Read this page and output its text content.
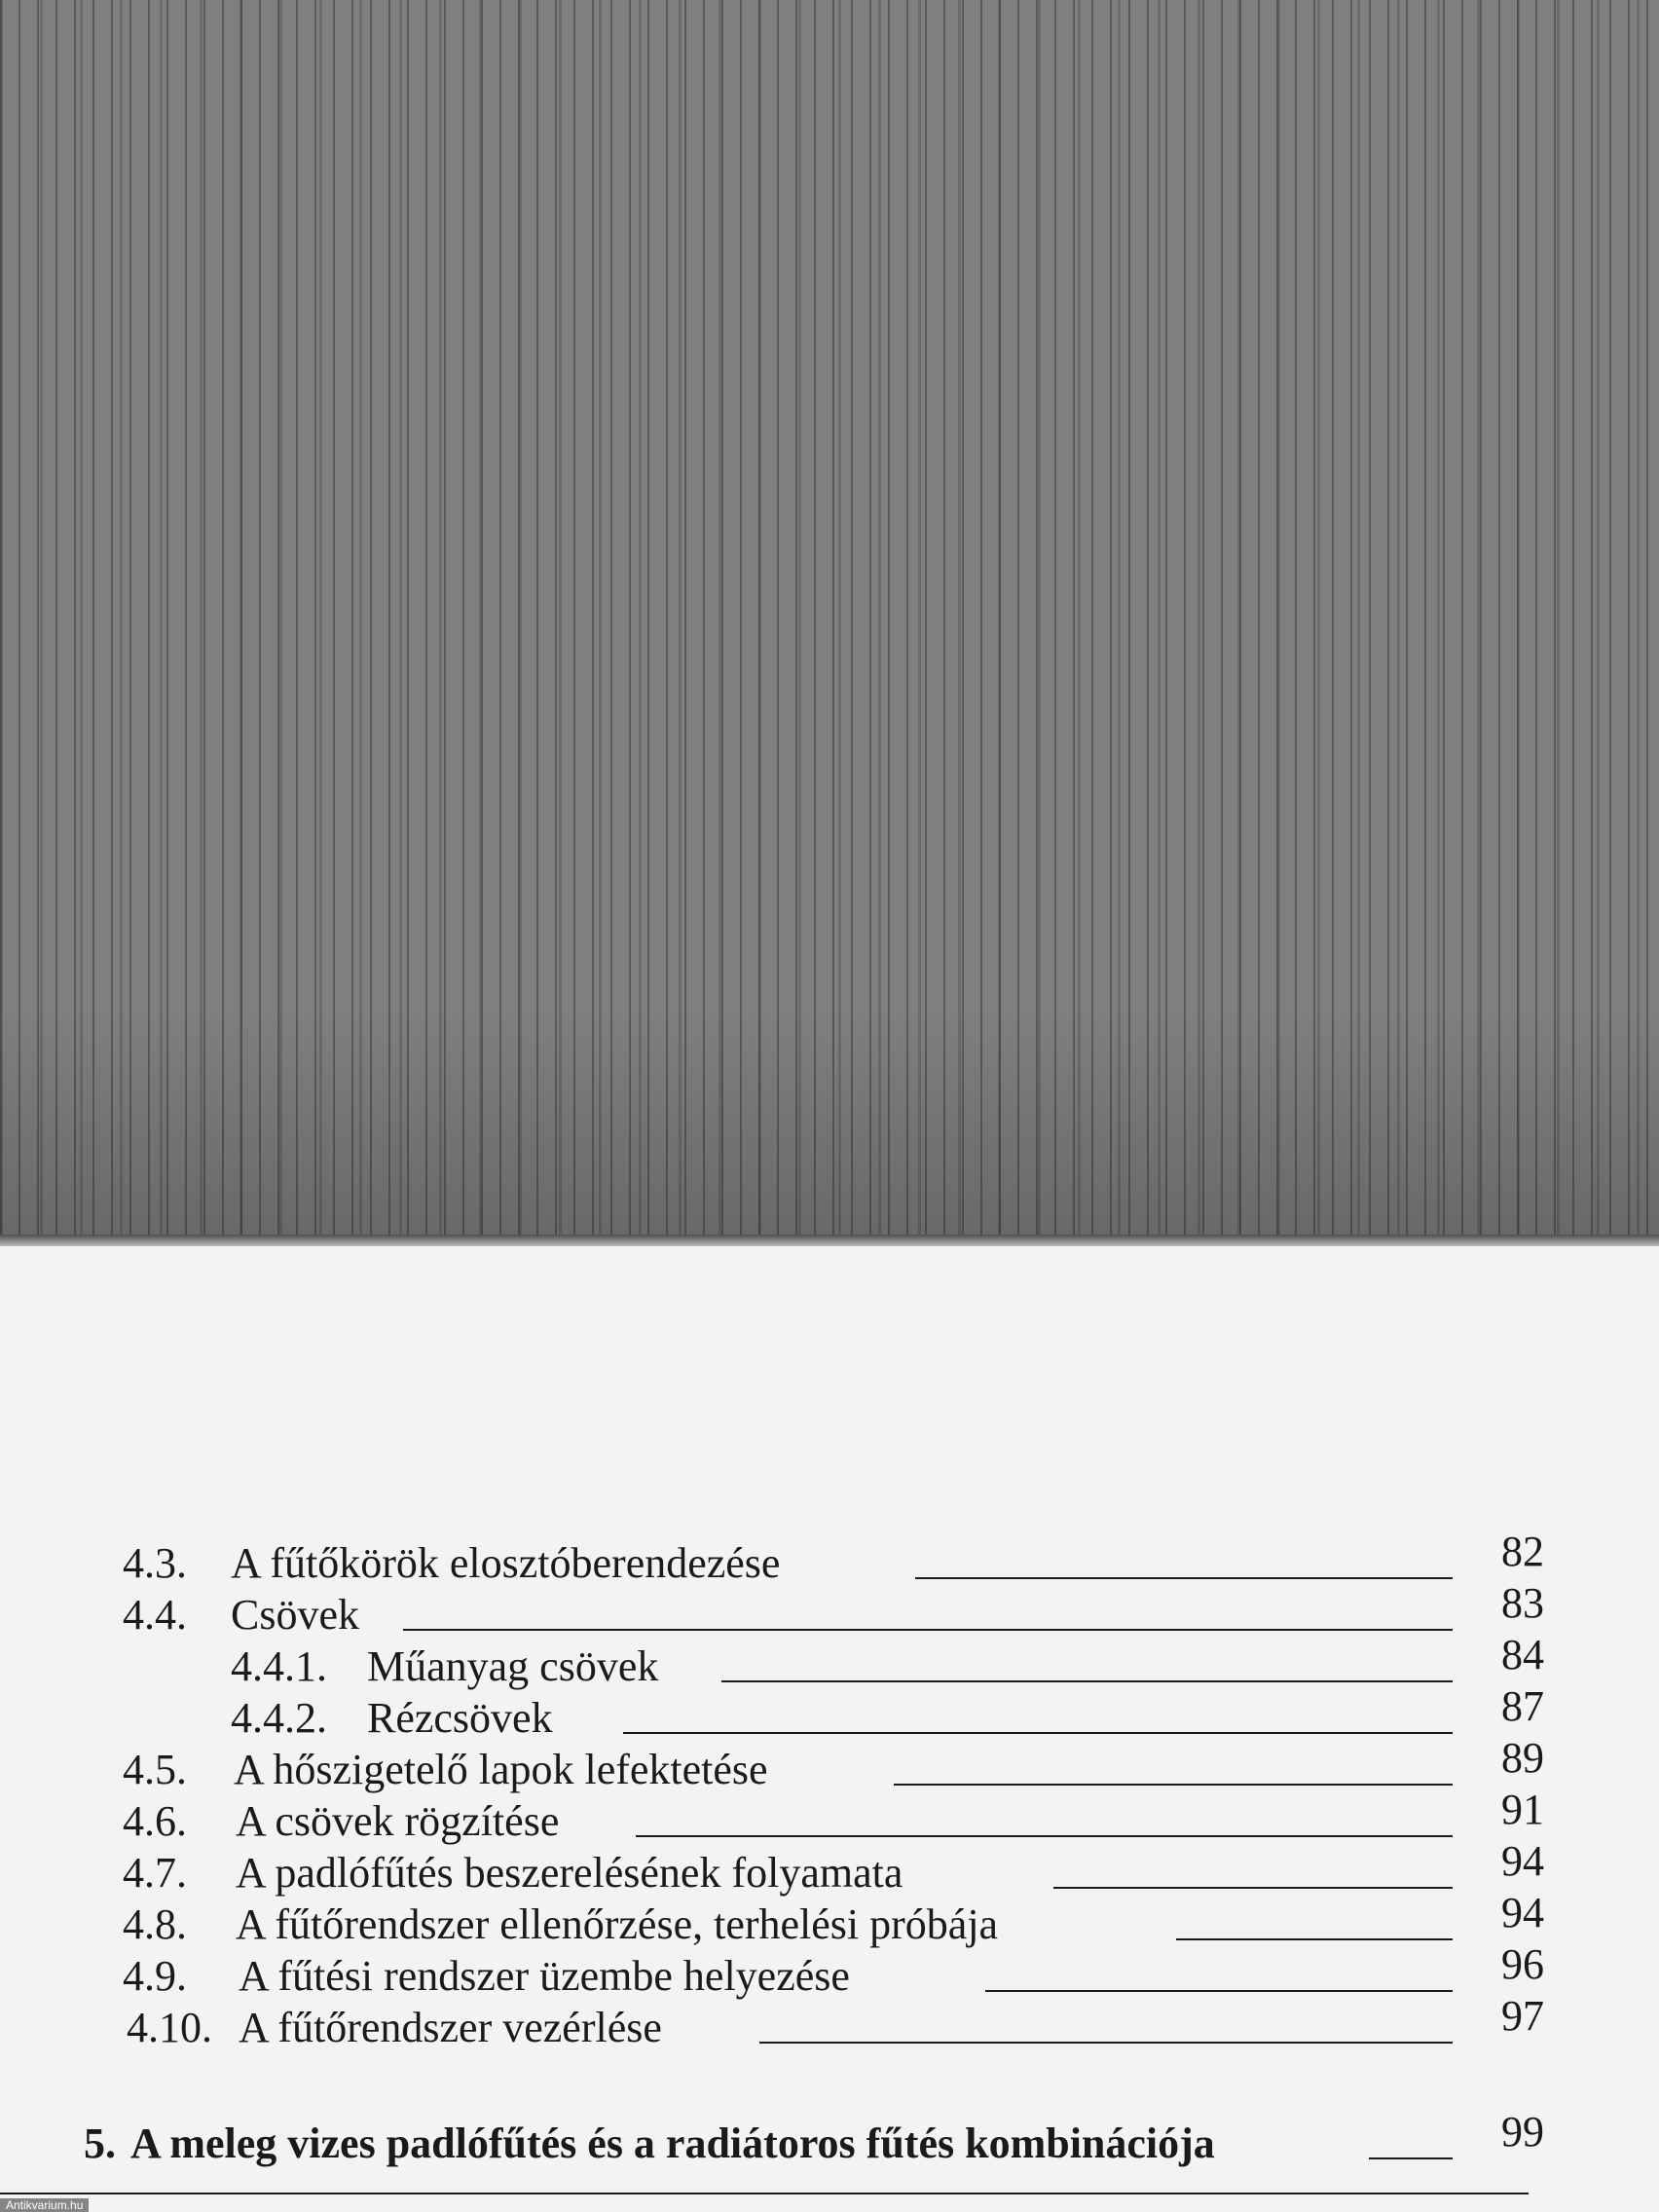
4.3. A fűtőkörök elosztóberendezése	82
4.4. Csövek	83
4.4.1. Műanyag csövek	84
4.4.2. Rézcsövek	87
4.5. A hőszigetelő lapok lefektetése	89
4.6. A csövek rögzítése	91
4.7. A padlófűtés beszerelésének folyamata	94
4.8. A fűtőrendszer ellenőrzése, terhelési próbája	94
4.9. A fűtési rendszer üzembe helyezése	96
4.10. A fűtőrendszer vezérlése	97
5. A meleg vizes padlófűtés és a radiátoros fűtés kombinációja	99
Antikvarium.hu
